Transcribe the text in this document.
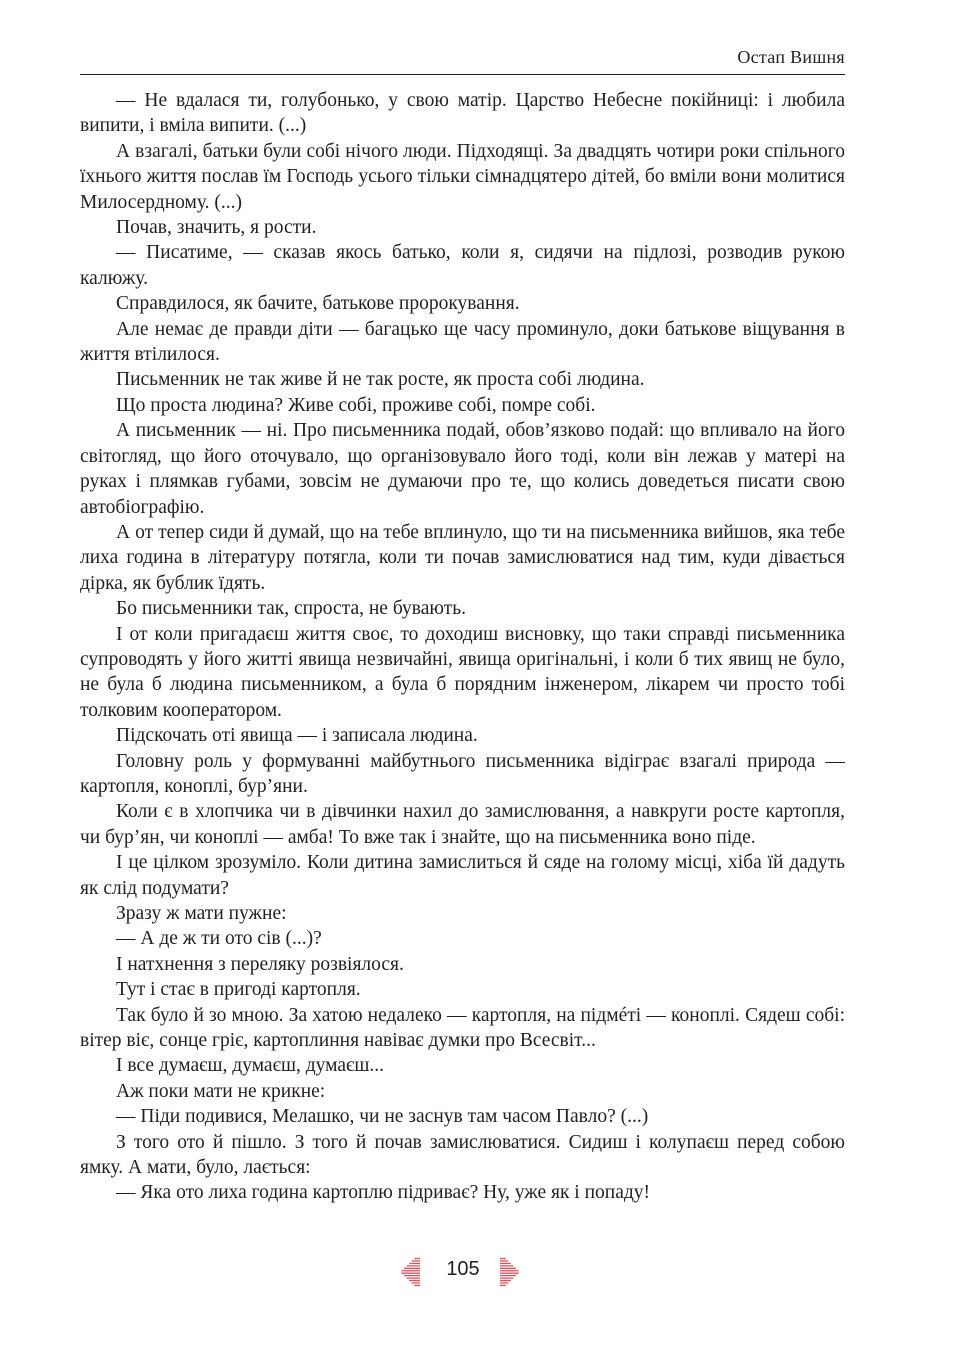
Остап Вишня

— Не вдалася ти, голубонько, у свою матір. Царство Небесне покійниці: і любила випити, і вміла випити. (...)

А взагалі, батьки були собі нічого люди. Підходящі. За двадцять чотири роки спільного їхнього життя послав їм Господь усього тільки сімнадцятеро дітей, бо вміли вони молитися Милосердному. (...)

Почав, значить, я рости.

— Писатиме, — сказав якось батько, коли я, сидячи на підлозі, розводив рукою калюжу.

Справдилося, як бачите, батькове пророкування.

Але немає де правди діти — багацько ще часу проминуло, доки батькове віщування в життя втілилося.

Письменник не так живе й не так росте, як проста собі людина.

Що проста людина? Живе собі, проживе собі, помре собі.

А письменник — ні. Про письменника подай, обов’язково подай: що впливало на його світогляд, що його оточувало, що організовувало його тоді, коли він лежав у матері на руках і плямкав губами, зовсім не думаючи про те, що колись доведеться писати свою автобіографію.

А от тепер сиди й думай, що на тебе вплинуло, що ти на письменника вийшов, яка тебе лиха година в літературу потягла, коли ти почав замислюватися над тим, куди дівається дірка, як бублик їдять.

Бо письменники так, спроста, не бувають.

І от коли пригадаєш життя своє, то доходиш висновку, що таки справді письменника супроводять у його житті явища незвичайні, явища оригінальні, і коли б тих явищ не було, не була б людина письменником, а була б порядним інженером, лікарем чи просто тобі толковим кооператором.

Підскочать оті явища — і записала людина.

Головну роль у формуванні майбутнього письменника відіграє взагалі природа — картопля, коноплі, бур’яни.

Коли є в хлопчика чи в дівчинки нахил до замислювання, а навкруги росте картопля, чи бур’ян, чи коноплі — амба! То вже так і знайте, що на письменника воно піде.

І це цілком зрозуміло. Коли дитина замислиться й сяде на голому місці, хіба їй дадуть як слід подумати?

Зразу ж мати пужне:

— А де ж ти ото сів (...)?

І натхнення з переляку розвіялося.

Тут і стає в пригоді картопля.

Так було й зо мною. За хатою недалеко — картопля, на підмéті — коноплі. Сядеш собі: вітер віє, сонце гріє, картоплиння навіває думки про Всесвіт...

І все думаєш, думаєш, думаєш...

Аж поки мати не крикне:

— Піди подивися, Мелашко, чи не заснув там часом Павло? (...)

З того ото й пішло. З того й почав замислюватися. Сидиш і колупаєш перед собою ямку. А мати, було, лається:

— Яка ото лиха година картоплю підриває? Ну, уже як і попаду!

105
